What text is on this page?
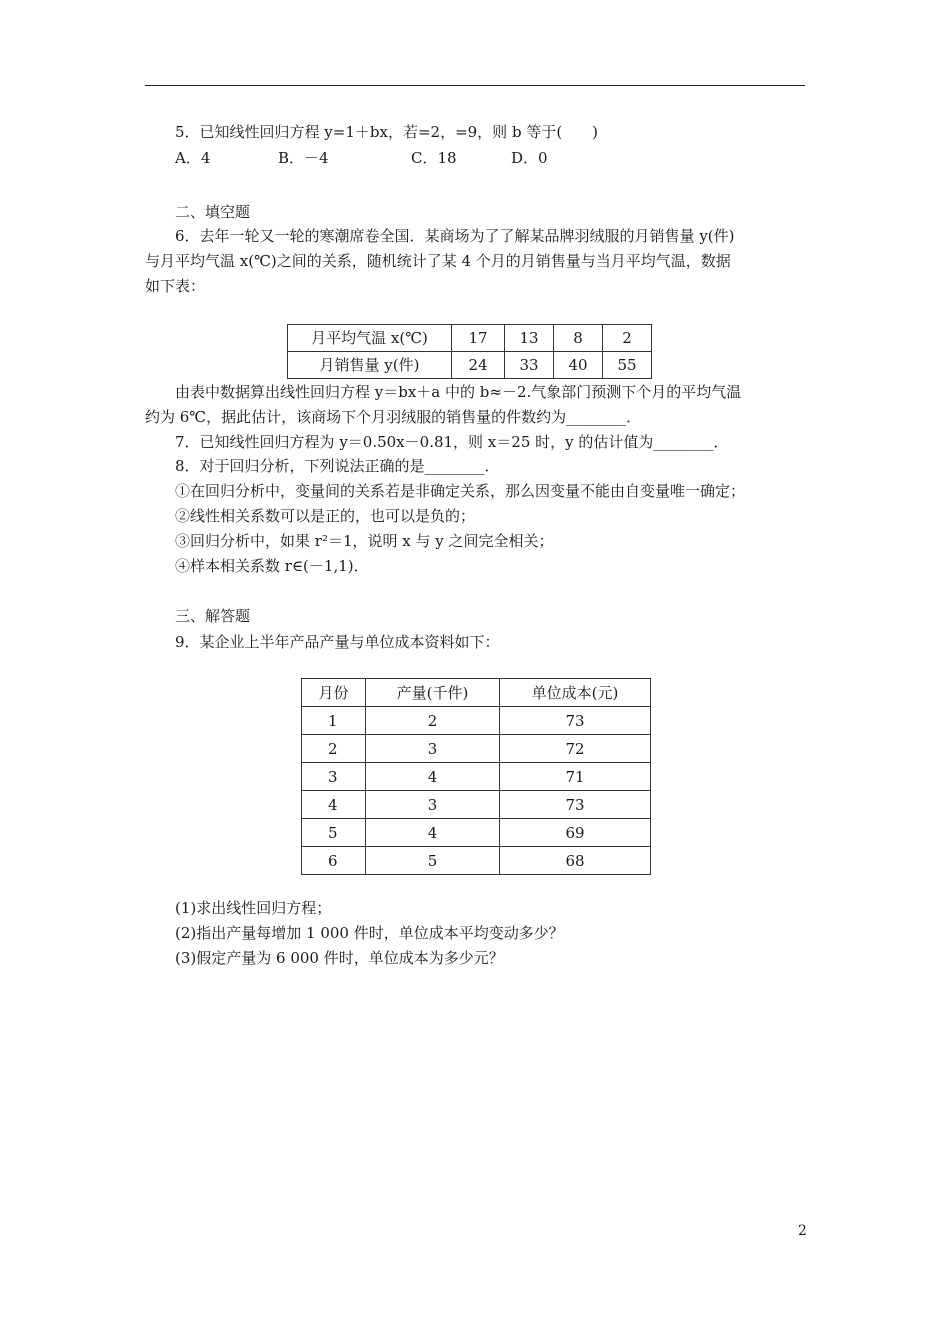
5．已知线性回归方程 y=1＋bx，若=2，=9，则 b 等于(　　)
A．4	B．－4	C．18	D．0
二、填空题
6．去年一轮又一轮的寒潮席卷全国．某商场为了了解某品牌羽绒服的月销售量 y(件)
与月平均气温 x(℃)之间的关系，随机统计了某 4 个月的月销售量与当月平均气温，数据
如下表：
月平均气温 x(℃)	17	13	8	2
月销售量 y(件)	24	33	40	55
由表中数据算出线性回归方程 y＝bx＋a 中的 b≈－2.气象部门预测下个月的平均气温
约为 6℃，据此估计，该商场下个月羽绒服的销售量的件数约为________．
7．已知线性回归方程为 y＝0.50x－0.81，则 x＝25 时，y 的估计值为________．
8．对于回归分析，下列说法正确的是________．
①在回归分析中，变量间的关系若是非确定关系，那么因变量不能由自变量唯一确定；
②线性相关系数可以是正的，也可以是负的；
③回归分析中，如果 r²＝1，说明 x 与 y 之间完全相关；
④样本相关系数 r∈(－1,1)．
三、解答题
9．某企业上半年产品产量与单位成本资料如下：
月份	产量(千件)	单位成本(元)
1	2	73
2	3	72
3	4	71
4	3	73
5	4	69
6	5	68
(1)求出线性回归方程；
(2)指出产量每增加 1 000 件时，单位成本平均变动多少？
(3)假定产量为 6 000 件时，单位成本为多少元？
2
